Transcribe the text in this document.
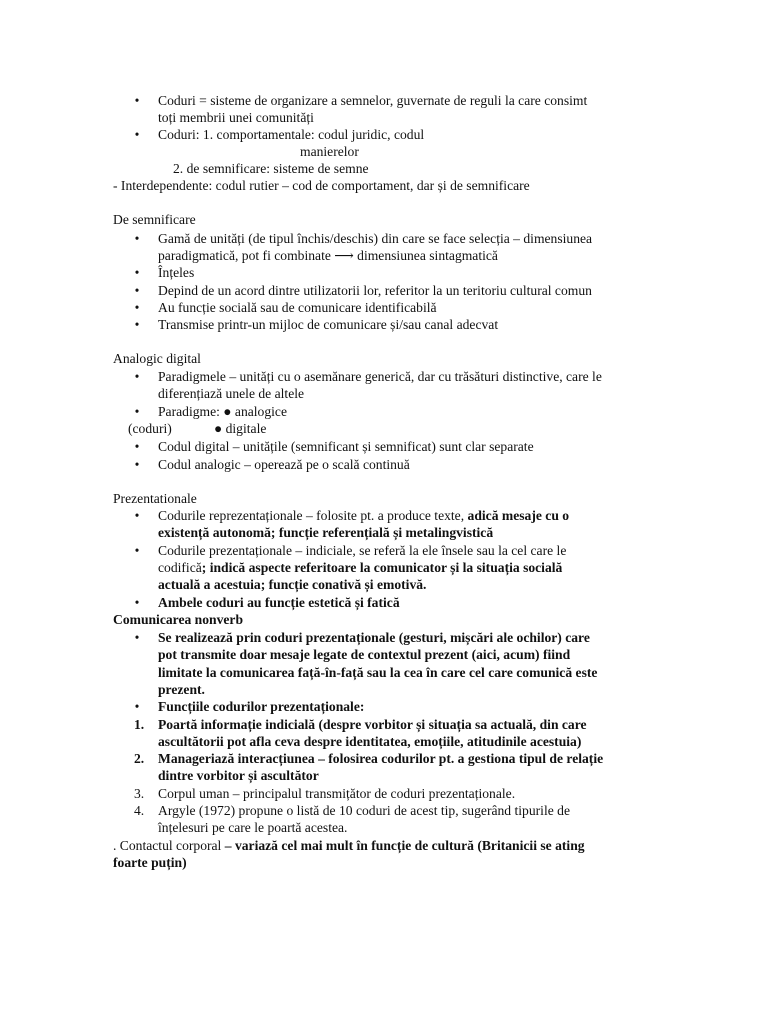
•	Coduri = sisteme de organizare a semnelor, guvernate de reguli la care consimt
toți membrii unei comunități
•	Coduri: 1. comportamentale: codul juridic, codul
manierelor
2. de semnificare: sisteme de semne
- Interdependente: codul rutier – cod de comportament, dar și de semnificare
De semnificare
•	Gamă de unități (de tipul închis/deschis) din care se face selecția – dimensiunea
paradigmatică, pot fi combinate ⟶ dimensiunea sintagmatică
•	Înțeles
•	Depind de un acord dintre utilizatorii lor, referitor la un teritoriu cultural comun
•	Au funcție socială sau de comunicare identificabilă
•	Transmise printr-un mijloc de comunicare și/sau canal adecvat
Analogic digital
•	Paradigmele – unități cu o asemănare generică, dar cu trăsături distinctive, care le
diferențiază unele de altele
•	Paradigme: ● analogice
(coduri)	● digitale
•	Codul digital – unitățile (semnificant și semnificat) sunt clar separate
•	Codul analogic – operează pe o scală continuă
Prezentationale
•	Codurile reprezentaționale – folosite pt. a produce texte, adică mesaje cu o
existență autonomă; funcție referențială și metalingvistică
•	Codurile prezentaționale – indiciale, se referă la ele însele sau la cel care le
codifică; indică aspecte referitoare la comunicator și la situația socială
actuală a acestuia; funcție conativă și emotivă.
•	Ambele coduri au funcție estetică și fatică
Comunicarea nonverb
•	Se realizează prin coduri prezentaționale (gesturi, mișcări ale ochilor) care
pot transmite doar mesaje legate de contextul prezent (aici, acum) fiind
limitate la comunicarea față-în-față sau la cea în care cel care comunică este
prezent.
•	Funcțiile codurilor prezentaționale:
1. Poartă informație indicială (despre vorbitor și situația sa actuală, din care
ascultătorii pot afla ceva despre identitatea, emoțiile, atitudinile acestuia)
2. Manageriază interacțiunea – folosirea codurilor pt. a gestiona tipul de relație
dintre vorbitor și ascultător
3. Corpul uman – principalul transmițător de coduri prezentaționale.
4. Argyle (1972) propune o listă de 10 coduri de acest tip, sugerând tipurile de
înțelesuri pe care le poartă acestea.
. Contactul corporal – variază cel mai mult în funcție de cultură (Britanicii se ating
foarte puțin)
